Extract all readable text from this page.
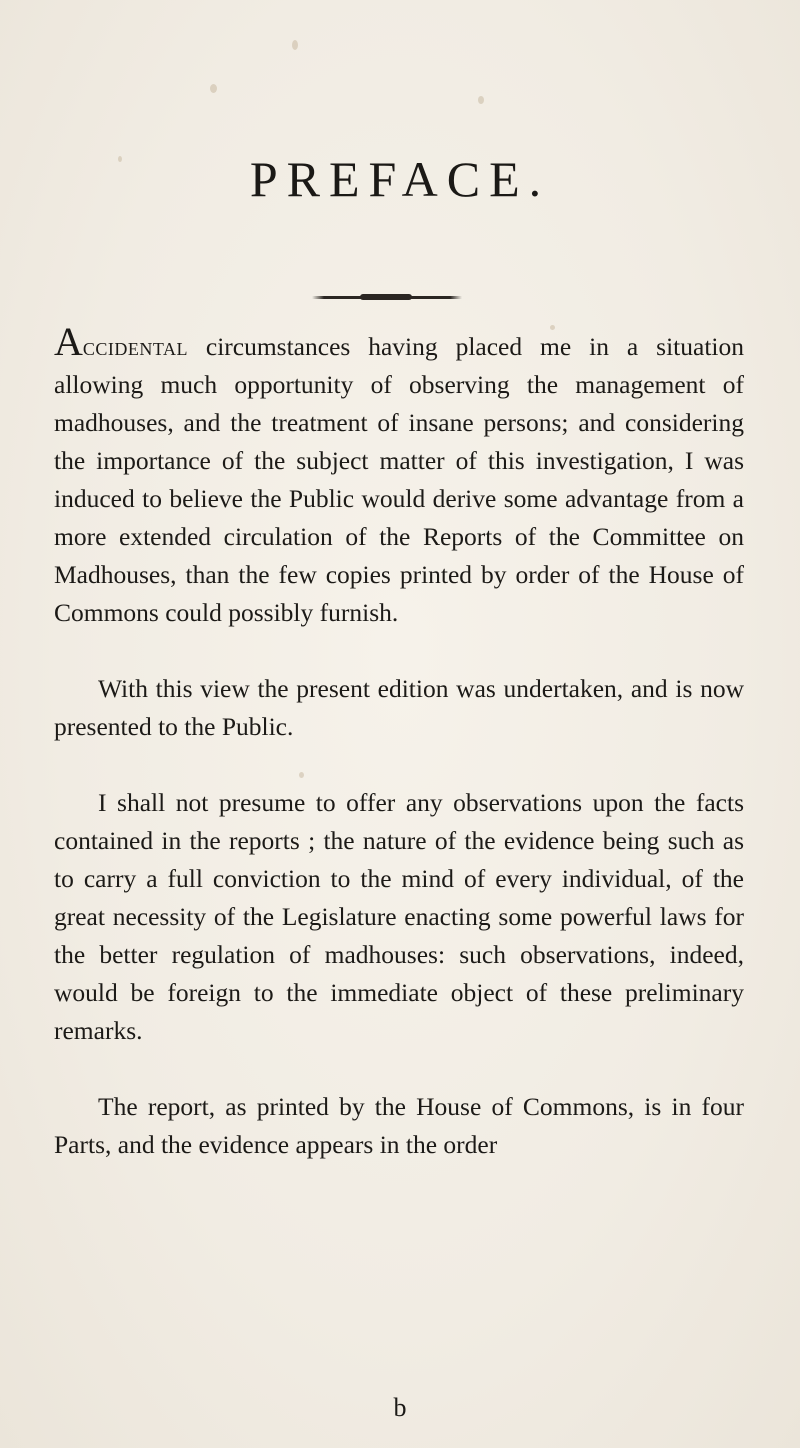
PREFACE.

Accidental circumstances having placed me in a situation allowing much opportunity of observing the management of madhouses, and the treatment of insane persons; and considering the importance of the subject matter of this investigation, I was induced to believe the Public would derive some advantage from a more extended circulation of the Reports of the Committee on Madhouses, than the few copies printed by order of the House of Commons could possibly furnish.

With this view the present edition was undertaken, and is now presented to the Public.

I shall not presume to offer any observations upon the facts contained in the reports ; the nature of the evidence being such as to carry a full conviction to the mind of every individual, of the great necessity of the Legislature enacting some powerful laws for the better regulation of madhouses: such observations, indeed, would be foreign to the immediate object of these preliminary remarks.

The report, as printed by the House of Commons, is in four Parts, and the evidence appears in the order

b
